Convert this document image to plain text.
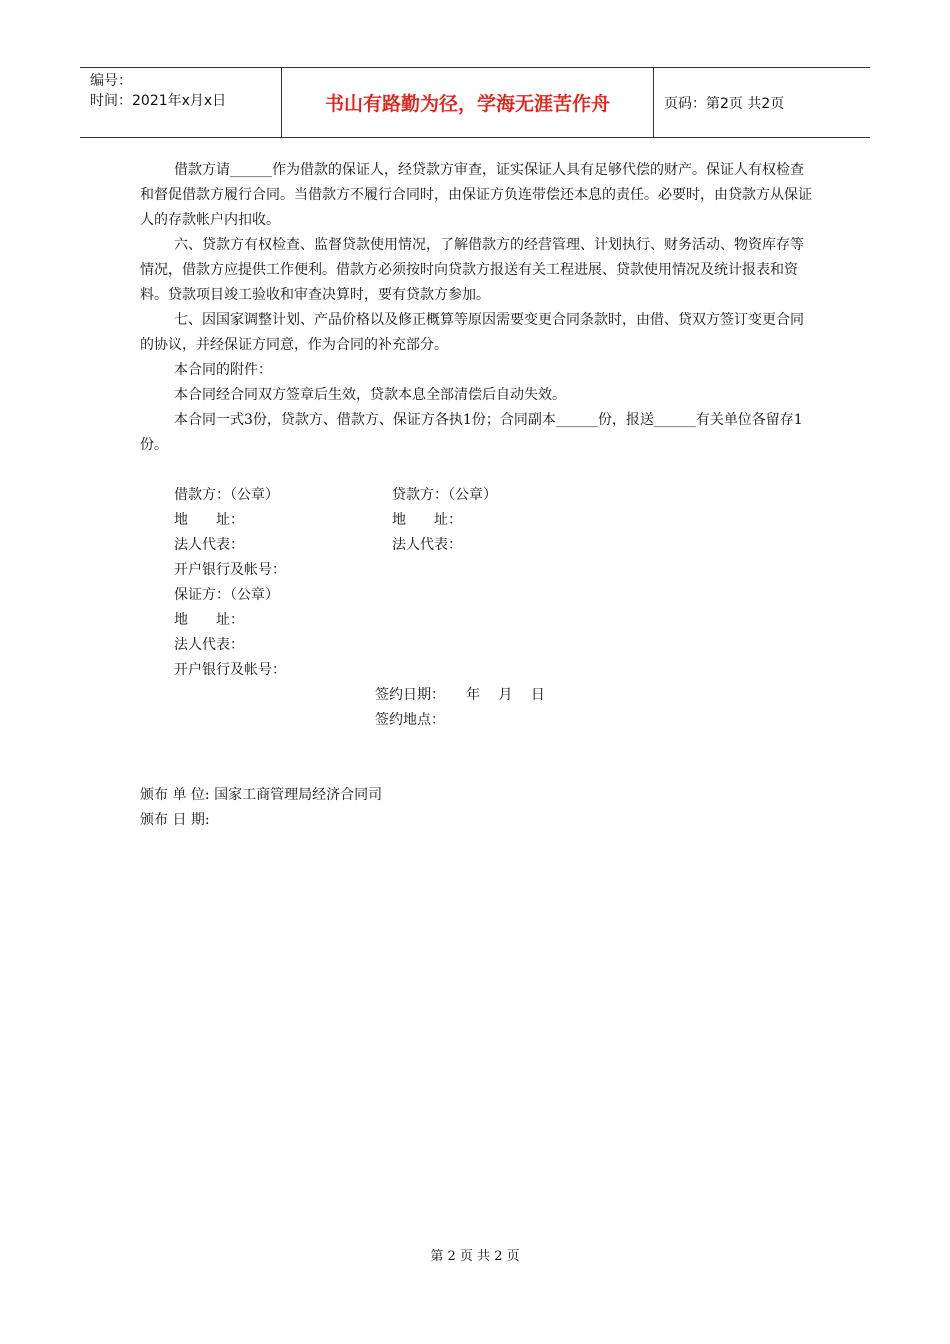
编号：
时间：2021年x月x日	书山有路勤为径，学海无涯苦作舟	页码：第2页 共2页

借款方请______作为借款的保证人，经贷款方审查，证实保证人具有足够代偿的财产。保证人有权检查和督促借款方履行合同。当借款方不履行合同时，由保证方负连带偿还本息的责任。必要时，由贷款方从保证人的存款帐户内扣收。

六、贷款方有权检查、监督贷款使用情况，了解借款方的经营管理、计划执行、财务活动、物资库存等情况，借款方应提供工作便利。借款方必须按时向贷款方报送有关工程进展、贷款使用情况及统计报表和资料。贷款项目竣工验收和审查决算时，要有贷款方参加。

七、因国家调整计划、产品价格以及修正概算等原因需要变更合同条款时，由借、贷双方签订变更合同的协议，并经保证方同意，作为合同的补充部分。

本合同的附件：

本合同经合同双方签章后生效，贷款本息全部清偿后自动失效。

本合同一式3份，贷款方、借款方、保证方各执1份；合同副本______份，报送______有关单位各留存1份。

借款方：（公章）	贷款方：（公章）
地　　址：	地　　址：
法人代表：	法人代表：
开户银行及帐号：
保证方：（公章）
地　　址：
法人代表：
开户银行及帐号：
签约日期：　　年　 月　 日
签约地点：
颁布 单 位: 国家工商管理局经济合同司
颁布 日 期:
第 2 页 共 2 页
